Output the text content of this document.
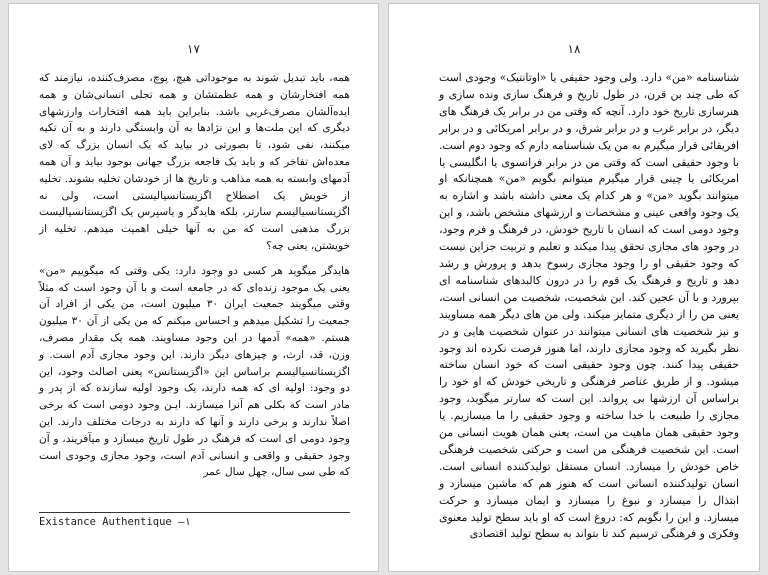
۱۷

همه، باید تبدیل شوند به موجوداتی هیچ، پوچ، مصرف‌کننده، نیازمند که همه افتخارشان و همه عظمتشان و همه تجلی انسانی‌شان و همه ایده‌آلشان مصرف‌غربی باشد. بنابراین باید همه افتخارات وارزشهای دیگری که این ملت‌ها و این نژادها به آن وابستگی دارند و به آن تکیه میکنند، نفی شود، تا بصورتی در بیاید که یک انسان بزرگ که لای معده‌اش تفاخر که و باید یک فاجعه بزرگ جهانی بوجود بیاید و آن همه آدمهای وابسته به همه مذاهب و تاریخ ها از خودشان تخلیه بشوند. تخلیه از خویش یک اصطلاح اگزیستانسیالیستی است، ولی نه اگزیستانسیالیسم سارتر، بلکه هایدگر و یاسپرس یک اگزیستانسیالیست بزرگ مذهبی است که من به آنها خیلی اهمیت میدهم. تخلیه از خویشتن، یعنی چه؟

هایدگر میگوید هر کسی دو وجود دارد: یکی وقتی که میگوییم «من» یعنی یک موجود زنده‌ای که در جامعه است و با آن وجود است که مثلاً وقتی میگویند جمعیت ایران ۳۰ میلیون است، من یکی از افراد آن جمعیت را تشکیل میدهم و احساس میکنم که من یکی از آن ۳۰ میلیون هستم. «همه» آدمها در این وجود مساویند. همه یک مقدار مصرف، وزن، قد، ارث، و چیزهای دیگر دارند. این وجود مجازی آدم است. و اگزیستانسیالیسم براساس این «اگزیستانس» یعنی اصالت وجود، این دو وجود: اولیه ای که همه دارند، یک وجود اولیه سازنده که از پدر و مادر است که بکلی هم آنرا میسازند. ایـن وجود دومی است که برخی اصلاً ندارند و برخی دارند و آنها که دارند به درجات مختلف دارند. این وجود دومی ای است که فرهنگ در طول تاریخ میسازد و میآفریند، و آن وجود حقیقی و واقعی و انسانی آدم است، وجود مجازی وجودی است که طی سی سال، چهل سال عمر

Existance Authentique —۱
۱۸

شناسنامه «من» دارد. ولی وجود حقیقی یا «اوتانتیک» وجودی است که طی چند بن قرن، در طول تاریخ و فرهنگ سازی ونده سازی و هنرسازی تاریخ خود دارد. آنچه که وقتی من در برابر یک فرهنگ های دیگر، در برابر غرب و در برابر شرق، و در برابر امریکائی و در برابر افریقائی قرار میگیرم به من یک شناسنامه دارم که وجود دوم است. با وجود حقیقی است که وقتی من در برابر فرانسوی یا انگلیسی یا امریکائی یا چینی قرار میگیرم میتوانم بگویم «من» همچنانکه او میتوانند بگوید «من» و هر کدام یک معنی داشته باشد و اشاره به یک وجود واقعی عینی و مشخصات و ارزشهای مشخص باشد، و این وجود دومی است که انسان با تاریخ خودش، در فرهنگ و فرم وجود، در وجود های مجازی تحقق پیدا میکند و تعلیم و تربیت جزاین نیست که وجود حقیقی او را وجود مجازی رسوخ بدهد و پرورش و رشد دهد و تاریخ و فرهنگ یک قوم را در درون کالبدهای شناسنامه ای بپرورد و با آن عجین کند. این شخصیت، شخصیت من انسانی است، یعنی من را از دیگری متمایز میکند. ولی من های دیگر همه مساویند و نیز شخصیت های انسانی میتوانند در عنوان شخصیت هایی و در نظر بگیرید که وجود مجازی دارند، اما هنوز فرصت نکرده اند وجود حقیقی پیدا کنند. چون وجود حقیقی است که خود انسان ساخته میشود. و از طریق عناصر فرهنگی و تاریخی خودش که او خود را براساس آن ارزشها بی پرواند. این است که سارتر میگوید، وجود مجازی را طبیعت با خدا ساخته و وجود حقیقی را ما میسازیم. یا وجود حقیقی همان ماهیت من است، یعنی همان هویت انسانی من است. این شخصیت فرهنگی من است و حرکتی شخصیت فرهنگی خاص خودش را میسازد. انسان مستقل تولیدکننده انسانی است. انسان تولیدکننده انسانی است که هنوز هم که ماشین میسازد و ابتذال را میسازد و نبوغ را میسازد و ایمان میسازد و حرکت میسازد. و این را بگویم که: دروغ است که او باید سطح تولید معنوی وفکری و فرهنگی ترسیم کند تا بتواند به سطح تولید اقتصادی
